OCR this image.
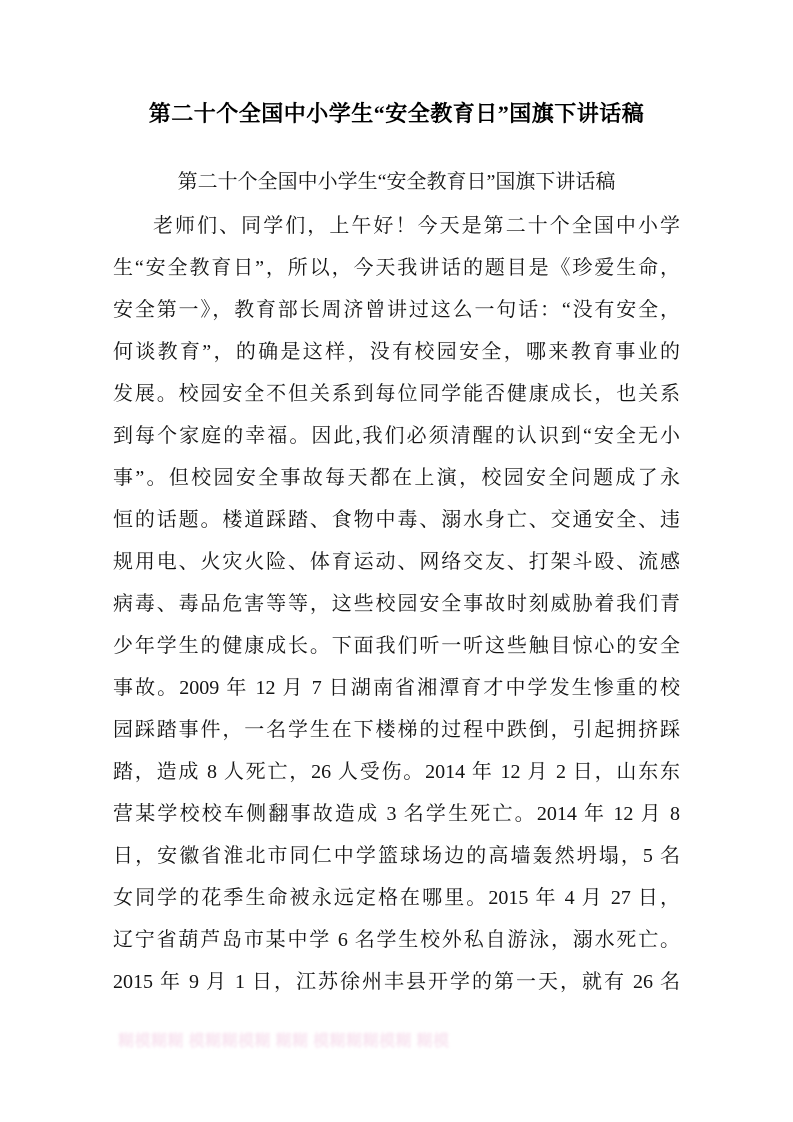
第二十个全国中小学生“安全教育日”国旗下讲话稿
第二十个全国中小学生“安全教育日”国旗下讲话稿
老师们、同学们，上午好！今天是第二十个全国中小学
生“安全教育日”，所以，今天我讲话的题目是《珍爱生命，
安全第一》，教育部长周济曾讲过这么一句话：“没有安全，
何谈教育”，的确是这样，没有校园安全，哪来教育事业的
发展。校园安全不但关系到每位同学能否健康成长，也关系
到每个家庭的幸福。因此,我们必须清醒的认识到“安全无小
事”。但校园安全事故每天都在上演，校园安全问题成了永
恒的话题。楼道踩踏、食物中毒、溺水身亡、交通安全、违
规用电、火灾火险、体育运动、网络交友、打架斗殴、流感
病毒、毒品危害等等，这些校园安全事故时刻威胁着我们青
少年学生的健康成长。下面我们听一听这些触目惊心的安全
事故。2009 年 12 月 7 日湖南省湘潭育才中学发生惨重的校
园踩踏事件，一名学生在下楼梯的过程中跌倒，引起拥挤踩
踏，造成 8 人死亡，26 人受伤。2014 年 12 月 2 日，山东东
营某学校校车侧翻事故造成 3 名学生死亡。2014 年 12 月 8
日，安徽省淮北市同仁中学篮球场边的高墙轰然坍塌，5 名
女同学的花季生命被永远定格在哪里。2015 年 4 月 27 日，
辽宁省葫芦岛市某中学 6 名学生校外私自游泳，溺水死亡。
2015 年 9 月 1 日，江苏徐州丰县开学的第一天，就有 26 名
糊模糊糊 模糊糊模糊 糊糊 模糊糊糊模糊 糊模
